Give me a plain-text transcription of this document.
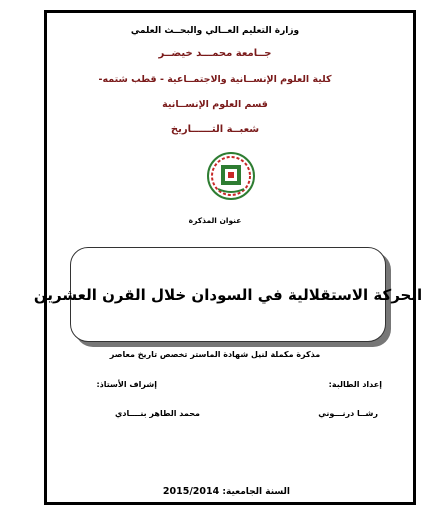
وزارة التعليم العــالي والبحــث العلمي
جــامعة محمـــد خيضــر
كلية العلوم الإنســانية والاجتمــاعية - قطب شتمه-
قسم العلوم الإنســانية
شعبــة التــــــاريخ
عنوان المذكرة
الحركة الاستقلالية في السودان خلال القرن العشرين
مذكرة مكملة لنيل شهادة الماستر تخصص تاريخ معاصر
إعداد الطالبة:
إشراف الأستاذ:
رشــا درنـــوني
محمد الطاهر بنــــادي
السنة الجامعية: 2015/2014
